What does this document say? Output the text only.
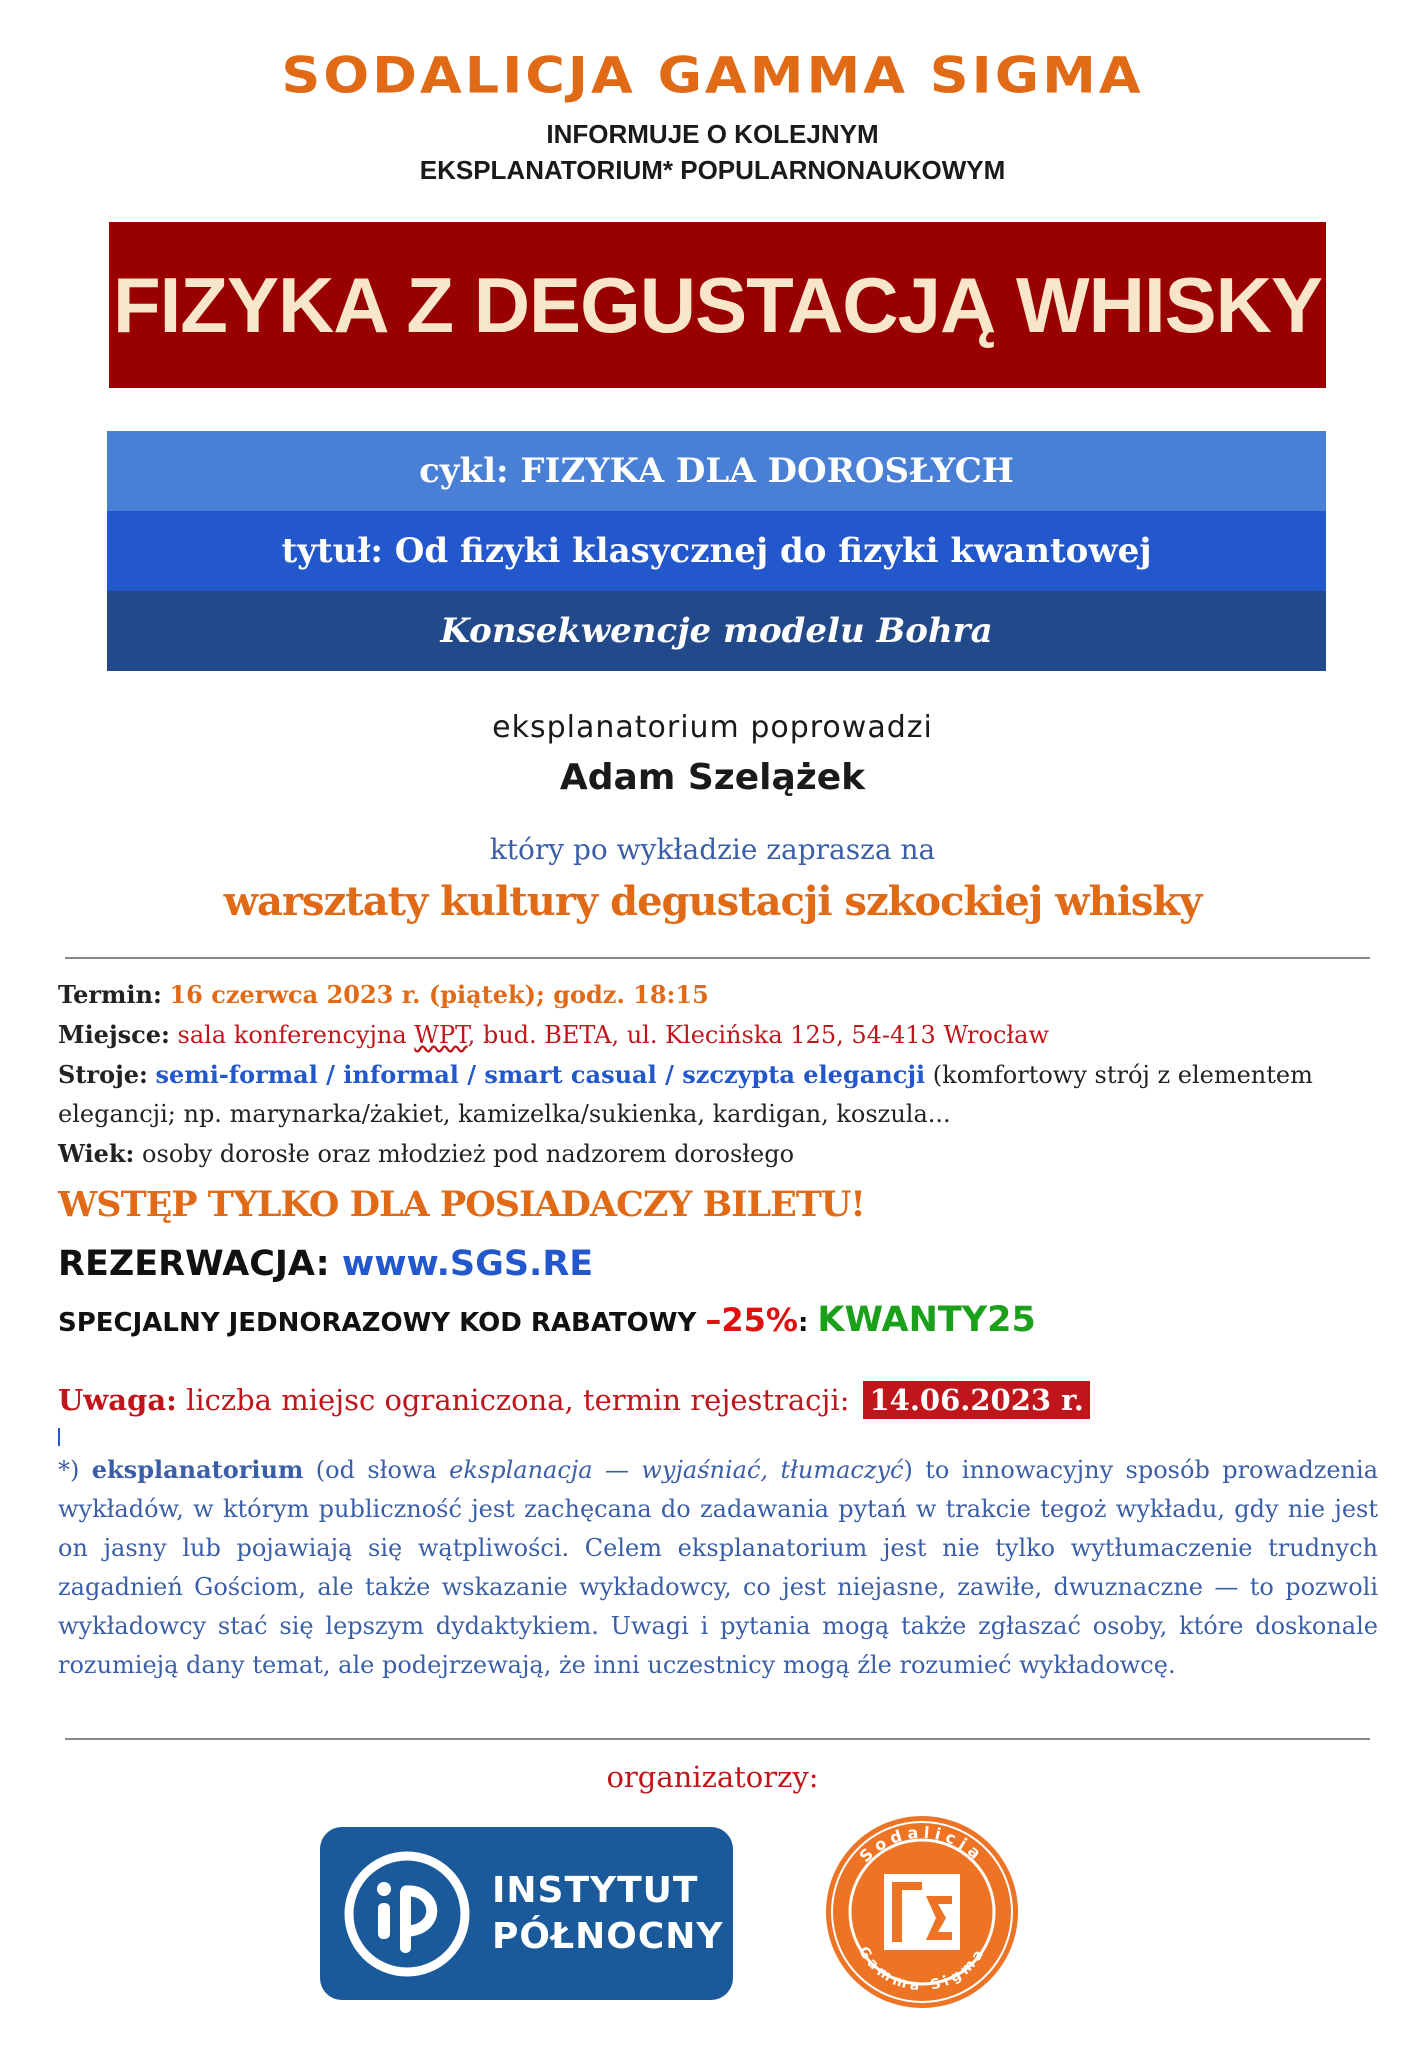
SODALICJA GAMMA SIGMA
INFORMUJE O KOLEJNYM
EKSPLANATORIUM* POPULARNONAUKOWYM
FIZYKA Z DEGUSTACJĄ WHISKY
cykl: FIZYKA DLA DOROSŁYCH
tytuł: Od fizyki klasycznej do fizyki kwantowej
Konsekwencje modelu Bohra
eksplanatorium poprowadzi
Adam Szelążek
który po wykładzie zaprasza na
warsztaty kultury degustacji szkockiej whisky
Termin: 16 czerwca 2023 r. (piątek); godz. 18:15
Miejsce: sala konferencyjna WPT, bud. BETA, ul. Klecińska 125, 54-413 Wrocław
Stroje: semi-formal / informal / smart casual / szczypta elegancji (komfortowy strój z elementem elegancji; np. marynarka/żakiet, kamizelka/sukienka, kardigan, koszula...
Wiek: osoby dorosłe oraz młodzież pod nadzorem dorosłego
WSTĘP TYLKO DLA POSIADACZY BILETU!
REZERWACJA: www.SGS.RE
SPECJALNY JEDNORAZOWY KOD RABATOWY –25%: KWANTY25
Uwaga: liczba miejsc ograniczona, termin rejestracji: 14.06.2023 r.
*) eksplanatorium (od słowa eksplanacja — wyjaśniać, tłumaczyć) to innowacyjny sposób prowadzenia wykładów, w którym publiczność jest zachęcana do zadawania pytań w trakcie tegoż wykładu, gdy nie jest on jasny lub pojawiają się wątpliwości. Celem eksplanatorium jest nie tylko wytłumaczenie trudnych zagadnień Gościom, ale także wskazanie wykładowcy, co jest niejasne, zawiłe, dwuznaczne — to pozwoli wykładowcy stać się lepszym dydaktykiem. Uwagi i pytania mogą także zgłaszać osoby, które doskonale rozumieją dany temat, ale podejrzewają, że inni uczestnicy mogą źle rozumieć wykładowcę.
organizatorzy:
INSTYTUT
PÓŁNOCNY
Sodalicja
Gamma Sigma
Sodalicja Gamma Sigma
